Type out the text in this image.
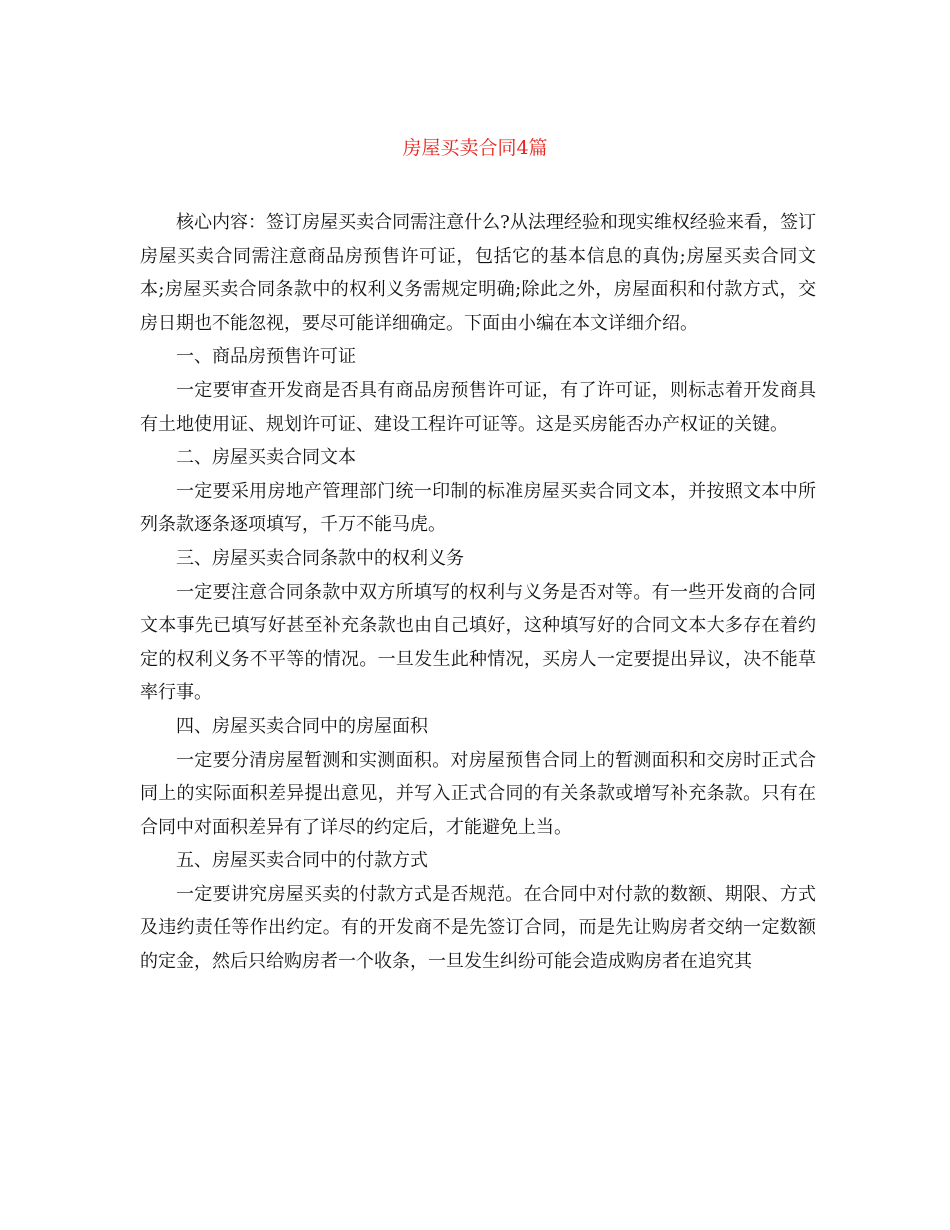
房屋买卖合同4篇

核心内容：签订房屋买卖合同需注意什么?从法理经验和现实维权经验来看，签订房屋买卖合同需注意商品房预售许可证，包括它的基本信息的真伪;房屋买卖合同文本;房屋买卖合同条款中的权利义务需规定明确;除此之外，房屋面积和付款方式，交房日期也不能忽视，要尽可能详细确定。下面由小编在本文详细介绍。

一、商品房预售许可证

一定要审查开发商是否具有商品房预售许可证，有了许可证，则标志着开发商具有土地使用证、规划许可证、建设工程许可证等。这是买房能否办产权证的关键。

二、房屋买卖合同文本

一定要采用房地产管理部门统一印制的标准房屋买卖合同文本，并按照文本中所列条款逐条逐项填写，千万不能马虎。

三、房屋买卖合同条款中的权利义务

一定要注意合同条款中双方所填写的权利与义务是否对等。有一些开发商的合同文本事先已填写好甚至补充条款也由自己填好，这种填写好的合同文本大多存在着约定的权利义务不平等的情况。一旦发生此种情况，买房人一定要提出异议，决不能草率行事。

四、房屋买卖合同中的房屋面积

一定要分清房屋暂测和实测面积。对房屋预售合同上的暂测面积和交房时正式合同上的实际面积差异提出意见，并写入正式合同的有关条款或增写补充条款。只有在合同中对面积差异有了详尽的约定后，才能避免上当。

五、房屋买卖合同中的付款方式

一定要讲究房屋买卖的付款方式是否规范。在合同中对付款的数额、期限、方式及违约责任等作出约定。有的开发商不是先签订合同，而是先让购房者交纳一定数额的定金，然后只给购房者一个收条，一旦发生纠纷可能会造成购房者在追究其
